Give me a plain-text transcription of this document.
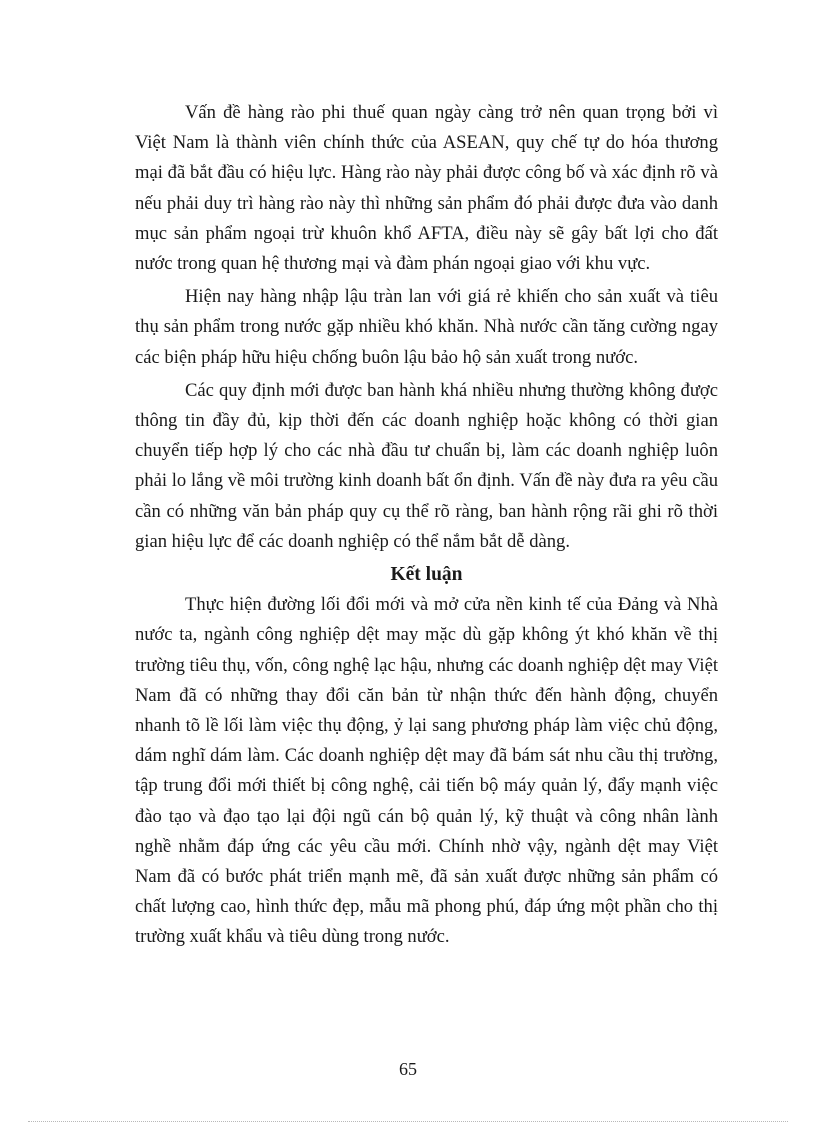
Vấn đề hàng rào phi thuế quan ngày càng trở nên quan trọng bởi vì Việt Nam là thành viên chính thức của ASEAN, quy chế tự do hóa thương mại đã bắt đầu có hiệu lực. Hàng rào này phải được công bố và xác định rõ và nếu phải duy trì hàng rào này thì những sản phẩm đó phải được đưa vào danh mục sản phẩm ngoại trừ khuôn khổ AFTA, điều này sẽ gây bất lợi cho đất nước trong quan hệ thương mại và đàm phán ngoại giao với khu vực.

Hiện nay hàng nhập lậu tràn lan với giá rẻ khiến cho sản xuất và tiêu thụ sản phẩm trong nước gặp nhiều khó khăn. Nhà nước cần tăng cường ngay các biện pháp hữu hiệu chống buôn lậu bảo hộ sản xuất trong nước.

Các quy định mới được ban hành khá nhiều nhưng thường không được thông tin đầy đủ, kịp thời đến các doanh nghiệp hoặc không có thời gian chuyển tiếp hợp lý cho các nhà đầu tư chuẩn bị, làm các doanh nghiệp luôn phải lo lắng về môi trường kinh doanh bất ổn định. Vấn đề này đưa ra yêu cầu cần có những văn bản pháp quy cụ thể rõ ràng, ban hành rộng rãi ghi rõ thời gian hiệu lực để các doanh nghiệp có thể nắm bắt dễ dàng.

Kết luận

Thực hiện đường lối đổi mới và mở cửa nền kinh tế của Đảng và Nhà nước ta, ngành công nghiệp dệt may mặc dù gặp không ýt khó khăn về thị trường tiêu thụ, vốn, công nghệ lạc hậu, nhưng các doanh nghiệp dệt may Việt Nam đã có những thay đổi căn bản từ nhận thức đến hành động, chuyển nhanh tõ lề lối làm việc thụ động, ỷ lại sang phương pháp làm việc chủ động, dám nghĩ dám làm. Các doanh nghiệp dệt may đã bám sát nhu cầu thị trường, tập trung đổi mới thiết bị công nghệ, cải tiến bộ máy quản lý, đẩy mạnh việc đào tạo và đạo tạo lại đội ngũ cán bộ quản lý, kỹ thuật và công nhân lành nghề nhằm đáp ứng các yêu cầu mới. Chính nhờ vậy, ngành dệt may Việt Nam đã có bước phát triển mạnh mẽ, đã sản xuất được những sản phẩm có chất lượng cao, hình thức đẹp, mẫu mã phong phú, đáp ứng một phần cho thị trường xuất khẩu và tiêu dùng trong nước.

65
